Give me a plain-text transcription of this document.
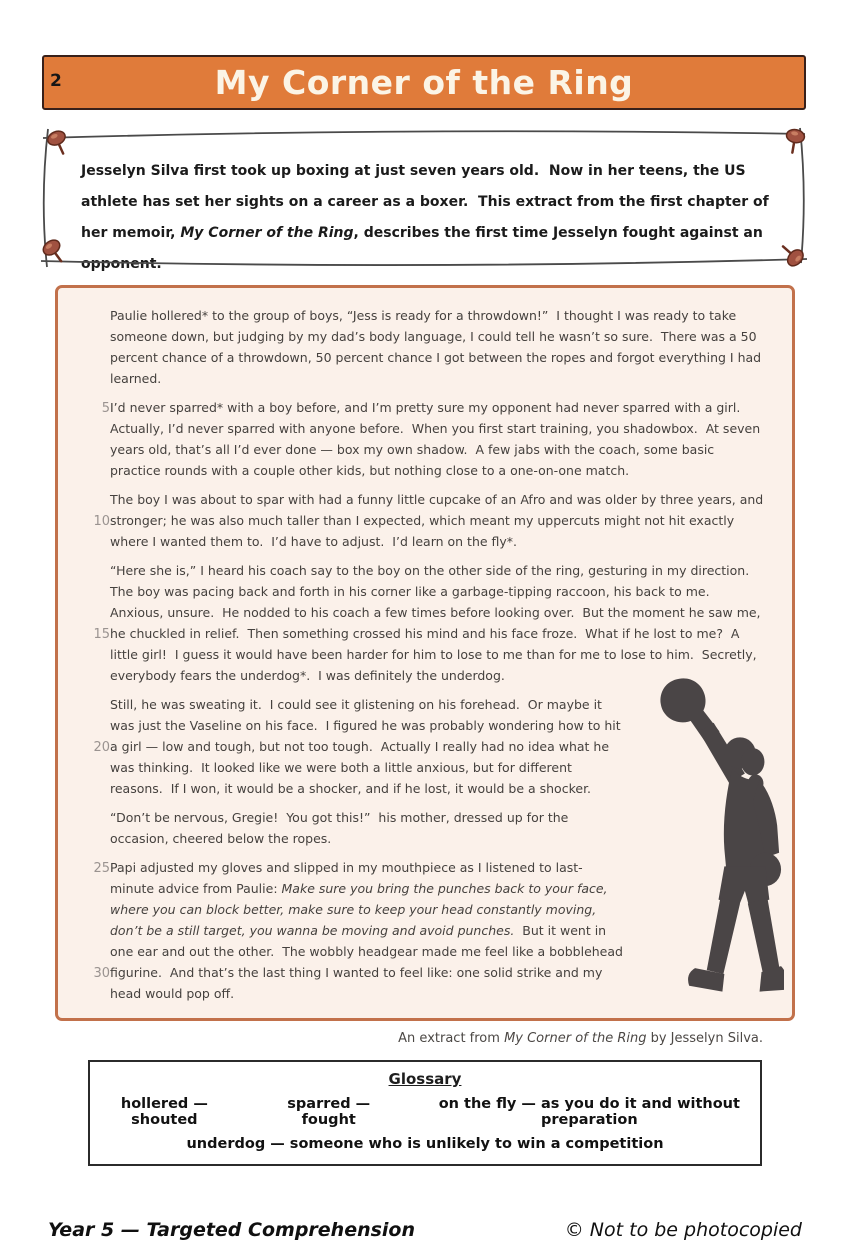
2	My Corner of the Ring

Jesselyn Silva first took up boxing at just seven years old.  Now in her teens, the US athlete has set her sights on a career as a boxer.  This extract from the first chapter of her memoir, My Corner of the Ring, describes the first time Jesselyn fought against an opponent.

5
10
15
20
25
30

Paulie hollered* to the group of boys, “Jess is ready for a throwdown!”  I thought I was ready to take someone down, but judging by my dad’s body language, I could tell he wasn’t so sure.  There was a 50 percent chance of a throwdown, 50 percent chance I got between the ropes and forgot everything I had learned.

I’d never sparred* with a boy before, and I’m pretty sure my opponent had never sparred with a girl.  Actually, I’d never sparred with anyone before.  When you first start training, you shadowbox.  At seven years old, that’s all I’d ever done — box my own shadow.  A few jabs with the coach, some basic practice rounds with a couple other kids, but nothing close to a one-on-one match.

The boy I was about to spar with had a funny little cupcake of an Afro and was older by three years, and stronger; he was also much taller than I expected, which meant my uppercuts might not hit exactly where I wanted them to.  I’d have to adjust.  I’d learn on the fly*.

“Here she is,” I heard his coach say to the boy on the other side of the ring, gesturing in my direction.  The boy was pacing back and forth in his corner like a garbage-tipping raccoon, his back to me.  Anxious, unsure.  He nodded to his coach a few times before looking over.  But the moment he saw me, he chuckled in relief.  Then something crossed his mind and his face froze.  What if he lost to me?  A little girl!  I guess it would have been harder for him to lose to me than for me to lose to him.  Secretly, everybody fears the underdog*.  I was definitely the underdog.

Still, he was sweating it.  I could see it glistening on his forehead.  Or maybe it was just the Vaseline on his face.  I figured he was probably wondering how to hit a girl — low and tough, but not too tough.  Actually I really had no idea what he was thinking.  It looked like we were both a little anxious, but for different reasons.  If I won, it would be a shocker, and if he lost, it would be a shocker.

“Don’t be nervous, Gregie!  You got this!”  his mother, dressed up for the occasion, cheered below the ropes.

Papi adjusted my gloves and slipped in my mouthpiece as I listened to last-minute advice from Paulie: Make sure you bring the punches back to your face, where you can block better, make sure to keep your head constantly moving, don’t be a still target, you wanna be moving and avoid punches.  But it went in one ear and out the other.  The wobbly headgear made me feel like a bobblehead figurine.  And that’s the last thing I wanted to feel like: one solid strike and my head would pop off.

An extract from My Corner of the Ring by Jesselyn Silva.

Glossary
hollered — shouted
sparred — fought
on the fly — as you do it and without preparation
underdog — someone who is unlikely to win a competition
Year 5 — Targeted Comprehension	© Not to be photocopied
